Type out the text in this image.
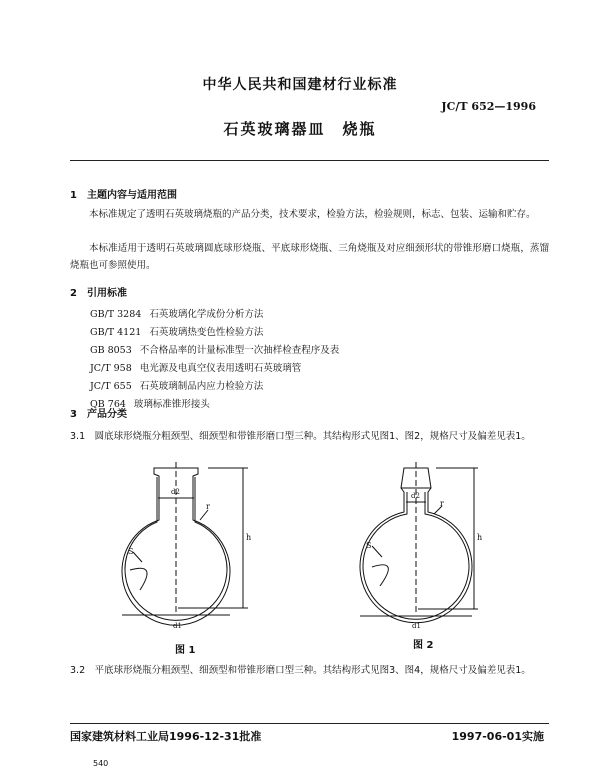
中华人民共和国建材行业标准
JC/T 652—1996
石英玻璃器皿　烧瓶
1　主题内容与适用范围
本标准规定了透明石英玻璃烧瓶的产品分类，技术要求，检验方法，检验规则，标志、包装、运输和贮存。
本标准适用于透明石英玻璃圆底球形烧瓶、平底球形烧瓶、三角烧瓶及对应细颈形状的带锥形磨口烧瓶，蒸馏烧瓶也可参照使用。
2　引用标准
GB/T 3284 石英玻璃化学成份分析方法
GB/T 4121 石英玻璃热变色性检验方法
GB 8053 不合格品率的计量标准型一次抽样检查程序及表
JC/T 958 电光源及电真空仪表用透明石英玻璃管
JC/T 655 石英玻璃制品内应力检验方法
QB 764 玻璃标准锥形接头
3　产品分类
3.1　圆底球形烧瓶分粗颈型、细颈型和带锥形磨口型三种。其结构形式见图1、图2，规格尺寸及偏差见表1。
d2
r
S
h
d1
图 1
d2
r
S
h
d1
图 2
3.2　平底球形烧瓶分粗颈型、细颈型和带锥形磨口型三种。其结构形式见图3、图4，规格尺寸及偏差见表1。
国家建筑材料工业局1996-12-31批准	1997-06-01实施
540
